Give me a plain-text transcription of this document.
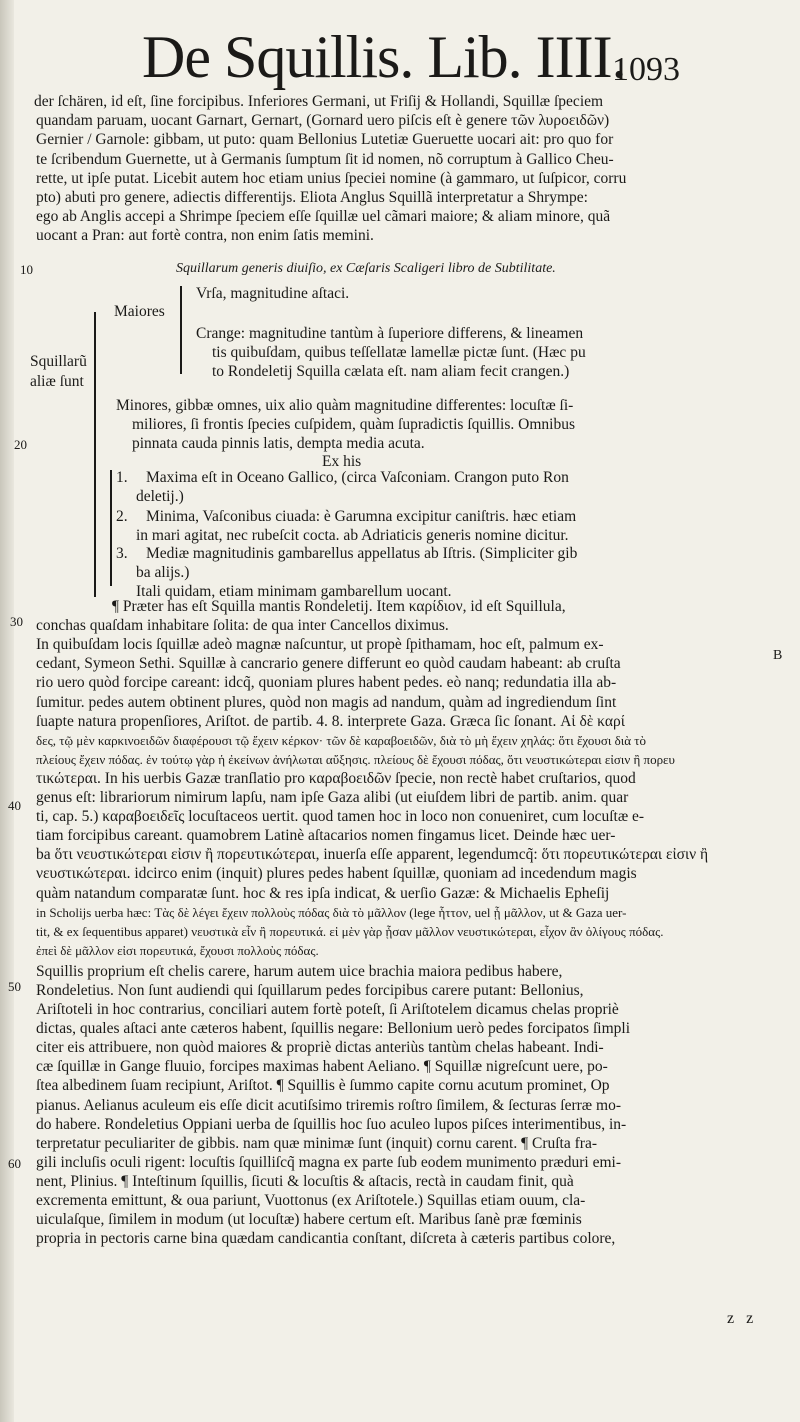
De Squillis. Lib. IIII.
1093
der ſchären, id eſt, ſine forcipibus. Inferiores Germani, ut Friſij & Hollandi, Squillæ ſpeciem
quandam paruam, uocant Garnart, Gernart, (Gornard uero piſcis eſt è genere τῶν λυροειδῶν)
Gernier / Garnole: gibbam, ut puto: quam Bellonius Lutetiæ Gueruette uocari ait: pro quo for
te ſcribendum Guernette, ut à Germanis ſumptum ſit id nomen, nõ corruptum à Gallico Cheu-
rette, ut ipſe putat. Licebit autem hoc etiam unius ſpeciei nomine (à gammaro, ut ſuſpicor, corru
pto) abuti pro genere, adiectis differentijs. Eliota Anglus Squillã interpretatur a Shrympe:
ego ab Anglis accepi a Shrimpe ſpeciem eſſe ſquillæ uel cãmari maiore; & aliam minore, quã
uocant a Pran: aut fortè contra, non enim ſatis memini.
10
20
30
40
50
60
B
Squillarum generis diuiſio, ex Cæſaris Scaligeri libro de Subtilitate.
Squillarũ
aliæ ſunt
Maiores
Vrſa, magnitudine aſtaci.
Crange: magnitudine tantùm à ſuperiore differens, & lineamen
tis quibuſdam, quibus teſſellatæ lamellæ pictæ ſunt. (Hæc pu
to Rondeletij Squilla cælata eſt. nam aliam fecit crangen.)
Minores, gibbæ omnes, uix alio quàm magnitudine differentes: locuſtæ ſi-
miliores, ſi frontis ſpecies cuſpidem, quàm ſupradictis ſquillis. Omnibus
pinnata cauda pinnis latis, dempta media acuta.
Ex his
1. Maxima eſt in Oceano Gallico, (circa Vaſconiam. Crangon puto Ron
deletij.)
2. Minima, Vaſconibus ciuada: è Garumna excipitur caniſtris. hæc etiam
in mari agitat, nec rubeſcit cocta. ab Adriaticis generis nomine dicitur.
3. Mediæ magnitudinis gambarellus appellatus ab Iſtris. (Simpliciter gib
ba alijs.)
Itali quidam, etiam minimam gambarellum uocant.
¶ Præter has eſt Squilla mantis Rondeletij. Item καρίδιον, id eſt Squillula,
conchas quaſdam inhabitare ſolita: de qua inter Cancellos diximus.
In quibuſdam locis ſquillæ adeò magnæ naſcuntur, ut propè ſpithamam, hoc eſt, palmum ex-
cedant, Symeon Sethi. Squillæ à cancrario genere differunt eo quòd caudam habeant: ab cruſta
rio uero quòd forcipe careant: idcq̃, quoniam plures habent pedes. eò nanq; redundatia illa ab-
ſumitur. pedes autem obtinent plures, quòd non magis ad nandum, quàm ad ingrediendum ſint
ſuapte natura propenſiores, Ariſtot. de partib. 4. 8. interprete Gaza. Græca ſic ſonant. Αἱ δὲ καρί
δες, τῷ μὲν καρκινοειδῶν διαφέρουσι τῷ ἔχειν κέρκον· τῶν δὲ καραβοειδῶν, διὰ τὸ μὴ ἔχειν χηλάς: ὅτι ἔχουσι διὰ τὸ
πλείους ἔχειν πόδας. ἐν τούτῳ γὰρ ἡ ἐκείνων ἀνήλωται αὔξησις. πλείους δὲ ἔχουσι πόδας, ὅτι νευστικώτεραι εἰσιν ἢ πορευ
τικώτεραι. In his uerbis Gazæ tranſlatio pro καραβοειδῶν ſpecie, non rectè habet cruſtarios, quod
genus eſt: librariorum nimirum lapſu, nam ipſe Gaza alibi (ut eiuſdem libri de partib. anim. quar
ti, cap. 5.) καραβοειδεῖς locuſtaceos uertit. quod tamen hoc in loco non conueniret, cum locuſtæ e-
tiam forcipibus careant. quamobrem Latinè aſtacarios nomen fingamus licet. Deinde hæc uer-
ba ὅτι νευστικώτεραι εἰσιν ἢ πορευτικώτεραι, inuerſa eſſe apparent, legendumcq̃: ὅτι πορευτικώτεραι εἰσιν ἢ
νευστικώτεραι. idcirco enim (inquit) plures pedes habent ſquillæ, quoniam ad incedendum magis
quàm natandum comparatæ ſunt. hoc & res ipſa indicat, & uerſio Gazæ: & Michaelis Epheſij
in Scholijs uerba hæc: Τὰς δὲ λέγει ἔχειν πολλοὺς πόδας διὰ τὸ μᾶλλον (lege ἧττον, uel ᾗ μᾶλλον, ut & Gaza uer-
tit, & ex ſequentibus apparet) νευστικὰ εἶν ἢ πορευτικά. εἰ μὲν γὰρ ᾗσαν μᾶλλον νευστικώτεραι, εἶχον ἂν ὀλίγους πόδας.
ἐπεὶ δὲ μᾶλλον εἰσι πορευτικά, ἔχουσι πολλοὺς πόδας.
Squillis proprium eſt chelis carere, harum autem uice brachia maiora pedibus habere,
Rondeletius. Non ſunt audiendi qui ſquillarum pedes forcipibus carere putant: Bellonius,
Ariſtoteli in hoc contrarius, conciliari autem fortè poteſt, ſi Ariſtotelem dicamus chelas propriè
dictas, quales aſtaci ante cæteros habent, ſquillis negare: Bellonium uerò pedes forcipatos ſimpli
citer eis attribuere, non quòd maiores & propriè dictas anteriùs tantùm chelas habeant. Indi-
cæ ſquillæ in Gange fluuio, forcipes maximas habent Aeliano. ¶ Squillæ nigreſcunt uere, po-
ſtea albedinem ſuam recipiunt, Ariſtot. ¶ Squillis è ſummo capite cornu acutum prominet, Op
pianus. Aelianus aculeum eis eſſe dicit acutiſsimo triremis roſtro ſimilem, & ſecturas ſerræ mo-
do habere. Rondeletius Oppiani uerba de ſquillis hoc ſuo aculeo lupos piſces interimentibus, in-
terpretatur peculiariter de gibbis. nam quæ minimæ ſunt (inquit) cornu carent. ¶ Cruſta fra-
gili incluſis oculi rigent: locuſtis ſquilliſcq̃ magna ex parte ſub eodem munimento præduri emi-
nent, Plinius. ¶ Inteſtinum ſquillis, ſicuti & locuſtis & aſtacis, rectà in caudam finit, quà
excrementa emittunt, & oua pariunt, Vuottonus (ex Ariſtotele.) Squillas etiam ouum, cla-
uiculaſque, ſimilem in modum (ut locuſtæ) habere certum eſt. Maribus ſanè præ fœminis
propria in pectoris carne bina quædam candicantia conſtant, diſcreta à cæteris partibus colore,
z z
